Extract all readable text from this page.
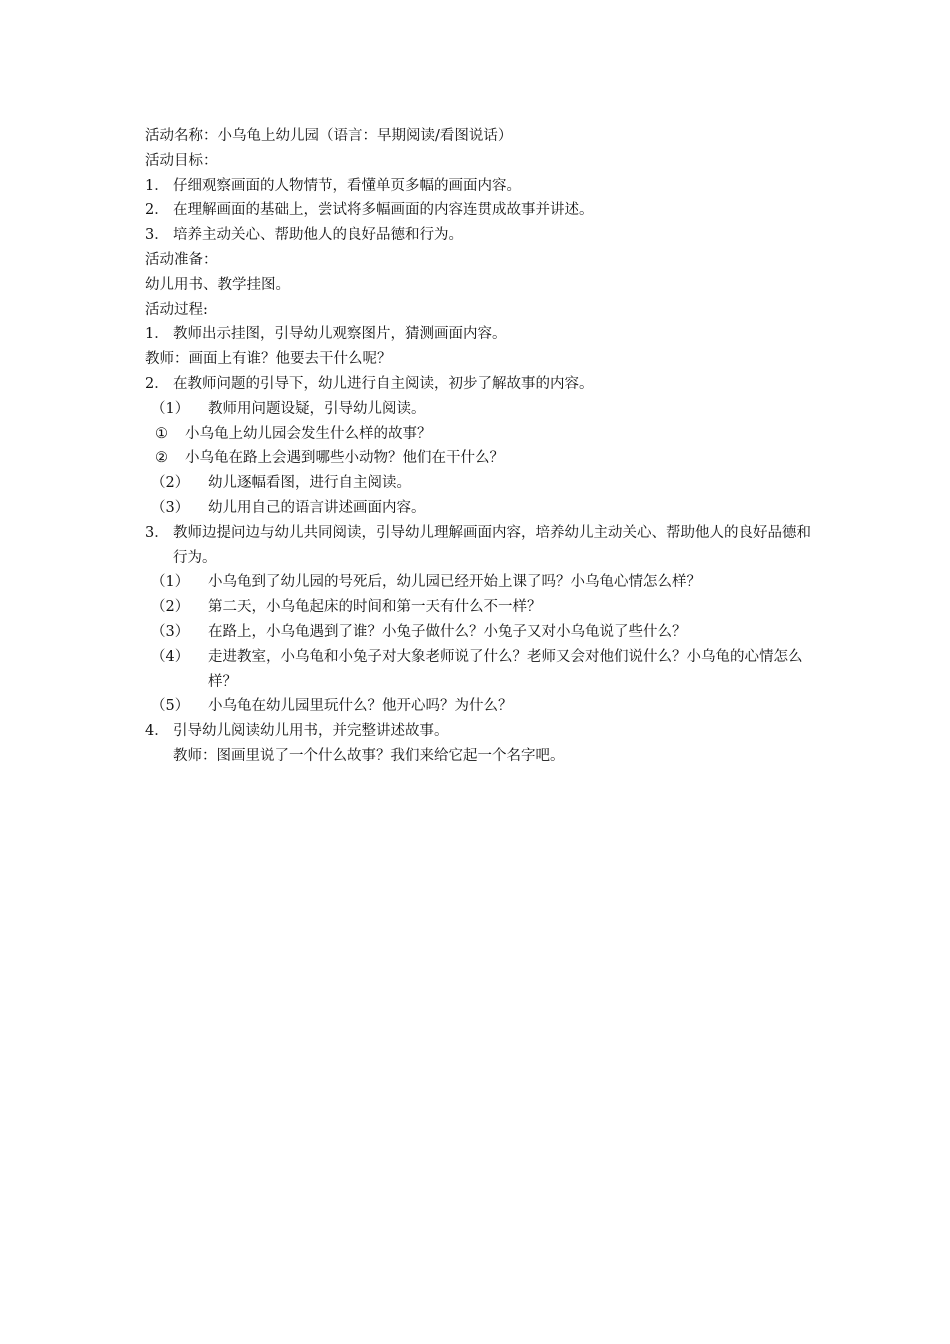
活动名称：小乌龟上幼儿园（语言：早期阅读/看图说话）
活动目标：
1． 仔细观察画面的人物情节，看懂单页多幅的画面内容。
2． 在理解画面的基础上，尝试将多幅画面的内容连贯成故事并讲述。
3． 培养主动关心、帮助他人的良好品德和行为。
活动准备：
幼儿用书、教学挂图。
活动过程:
1． 教师出示挂图，引导幼儿观察图片，猜测画面内容。
教师：画面上有谁？他要去干什么呢？
2． 在教师问题的引导下，幼儿进行自主阅读，初步了解故事的内容。
（1）	教师用问题设疑，引导幼儿阅读。
①	小乌龟上幼儿园会发生什么样的故事？
②	小乌龟在路上会遇到哪些小动物？他们在干什么？
（2）	幼儿逐幅看图，进行自主阅读。
（3）	幼儿用自己的语言讲述画面内容。
3． 教师边提问边与幼儿共同阅读，引导幼儿理解画面内容，培养幼儿主动关心、帮助他人的良好品德和行为。
（1）	小乌龟到了幼儿园的号死后，幼儿园已经开始上课了吗？小乌龟心情怎么样？
（2）	第二天，小乌龟起床的时间和第一天有什么不一样？
（3）	在路上，小乌龟遇到了谁？小兔子做什么？小兔子又对小乌龟说了些什么？
（4）	走进教室，小乌龟和小兔子对大象老师说了什么？老师又会对他们说什么？小乌龟的心情怎么样？
（5）	小乌龟在幼儿园里玩什么？他开心吗？为什么？
4． 引导幼儿阅读幼儿用书，并完整讲述故事。
教师：图画里说了一个什么故事？我们来给它起一个名字吧。
